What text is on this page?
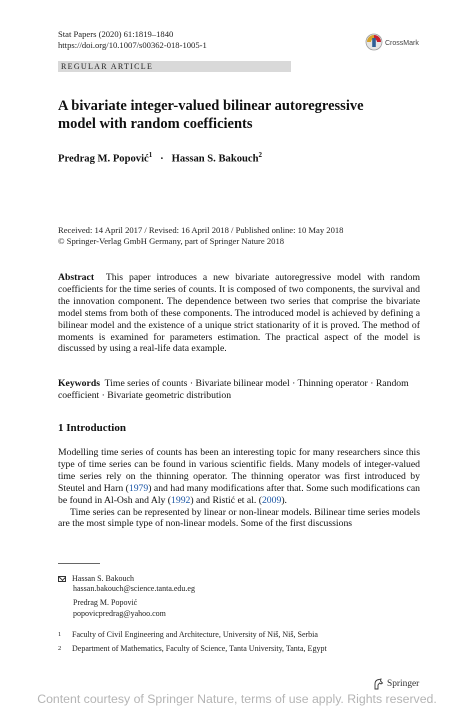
Stat Papers (2020) 61:1819–1840
https://doi.org/10.1007/s00362-018-1005-1	CrossMark
REGULAR ARTICLE
A bivariate integer-valued bilinear autoregressive model with random coefficients
Predrag M. Popović$^1$ · Hassan S. Bakouch$^2$
Received: 14 April 2017 / Revised: 16 April 2018 / Published online: 10 May 2018
© Springer-Verlag GmbH Germany, part of Springer Nature 2018
Abstract This paper introduces a new bivariate autoregressive model with random coefficients for the time series of counts. It is composed of two components, the survival and the innovation component. The dependence between two series that comprise the bivariate model stems from both of these components. The introduced model is achieved by defining a bilinear model and the existence of a unique strict stationarity of it is proved. The method of moments is examined for parameters estimation. The practical aspect of the model is discussed by using a real-life data example.
Keywords Time series of counts · Bivariate bilinear model · Thinning operator · Random coefficient · Bivariate geometric distribution
1 Introduction

Modelling time series of counts has been an interesting topic for many researchers since this type of time series can be found in various scientific fields. Many models of integer-valued time series rely on the thinning operator. The thinning operator was first introduced by Steutel and Harn (1979) and had many modifications after that. Some such modifications can be found in Al-Osh and Aly (1992) and Ristić et al. (2009).

Time series can be represented by linear or non-linear models. Bilinear time series models are the most simple type of non-linear models. Some of the first discussions

Hassan S. Bakouch
hassan.bakouch@science.tanta.edu.eg
Predrag M. Popović
popovicpredrag@yahoo.com
1 Faculty of Civil Engineering and Architecture, University of Niš, Niš, Serbia
2 Department of Mathematics, Faculty of Science, Tanta University, Tanta, Egypt
Springer
Content courtesy of Springer Nature, terms of use apply. Rights reserved.
